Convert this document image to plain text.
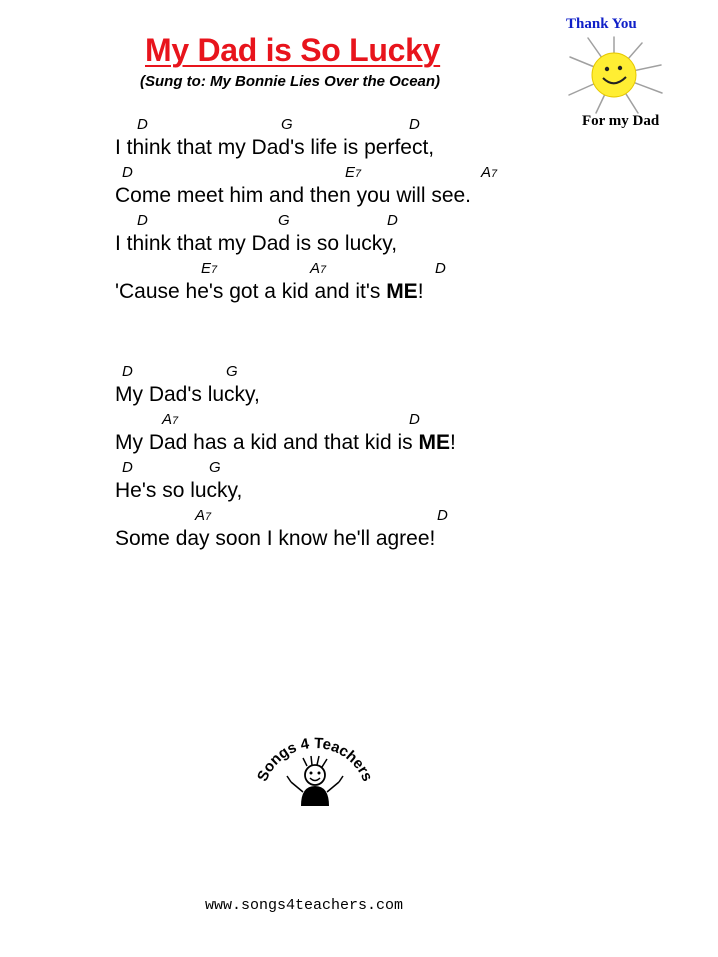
My Dad is So Lucky
(Sung to: My Bonnie Lies Over the Ocean)
Thank You
For my Dad
D	G	D
I think that my Dad's life is perfect,
D	E7	A7
Come meet him and then you will see.
D	G	D
I think that my Dad is so lucky,
E7	A7	D
'Cause he's got a kid and it's ME!
D	G
My Dad's lucky,
A7	D
My Dad has a kid and that kid is ME!
D	G
He's so lucky,
A7	D
Some day soon I know he'll agree!
Songs 4 Teachers
www.songs4teachers.com
